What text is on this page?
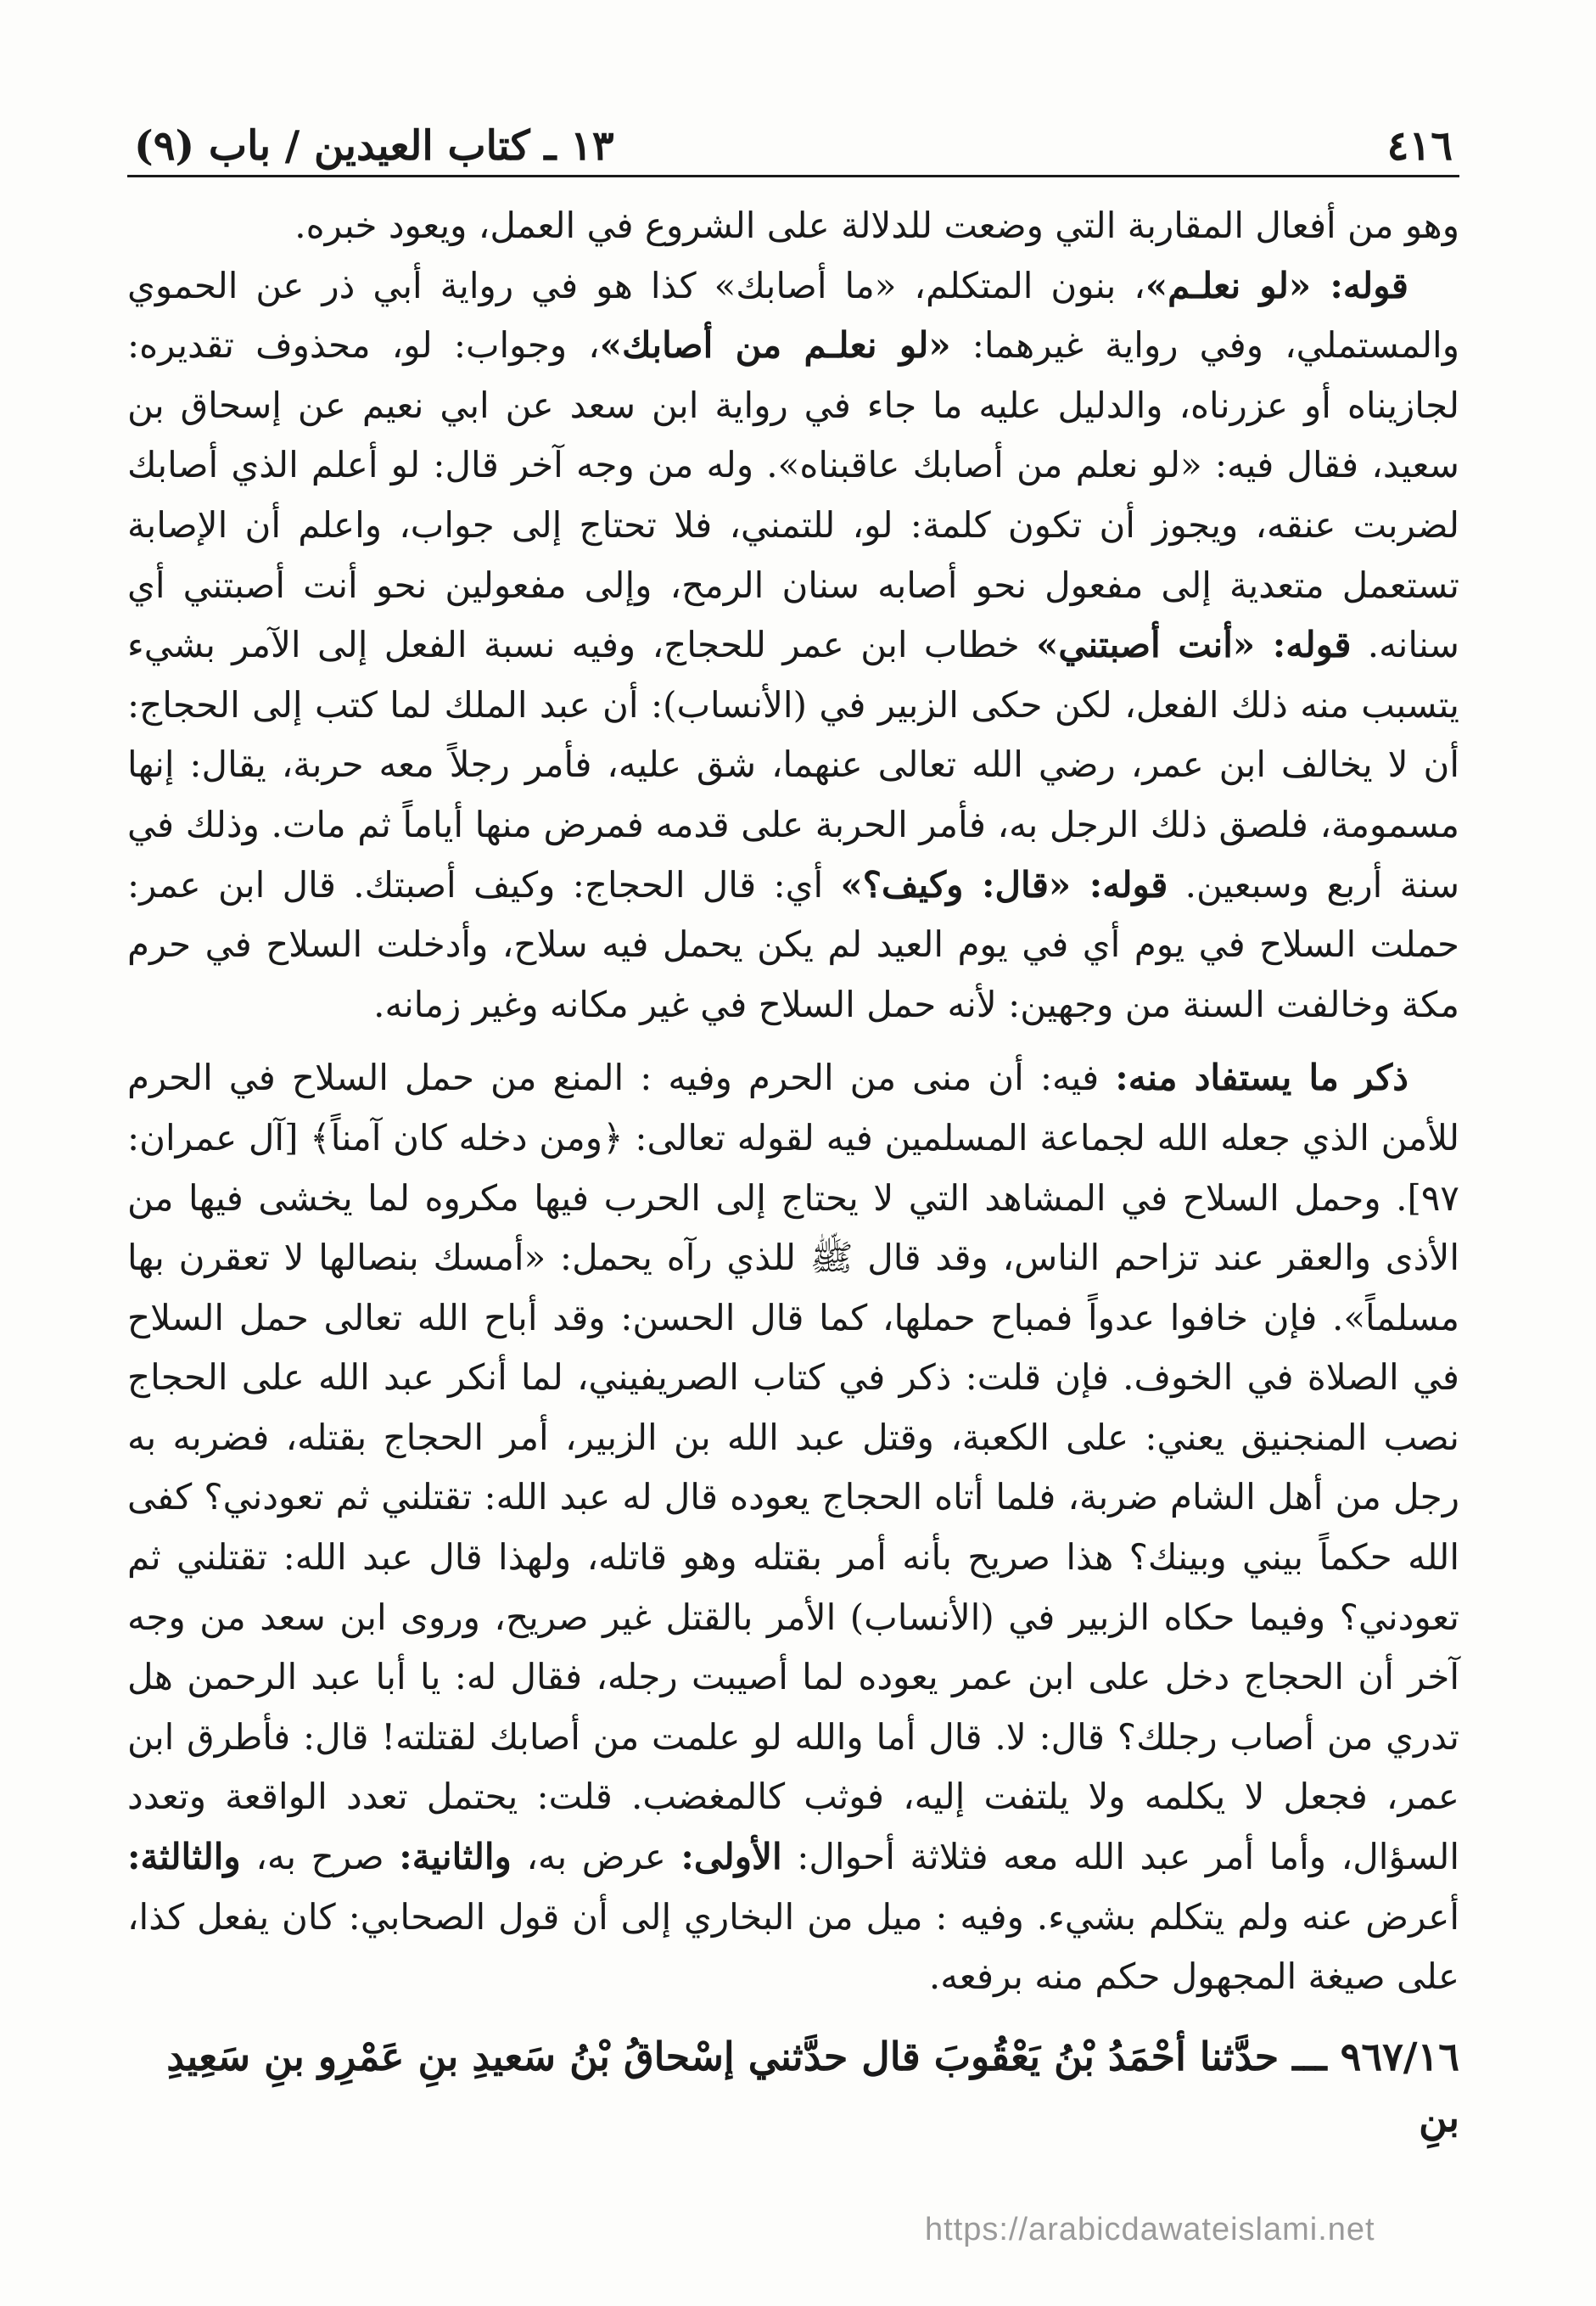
٤١٦
١٣ ـ كتاب العيدين / باب (٩)

وهو من أفعال المقاربة التي وضعت للدلالة على الشروع في العمل، ويعود خبره.

قوله: «لو نعلـم»، بنون المتكلم، «ما أصابك» كذا هو في رواية أبي ذر عن الحموي والمستملي، وفي رواية غيرهما: «لو نعلـم من أصابك»، وجواب: لو، محذوف تقديره: لجازيناه أو عزرناه، والدليل عليه ما جاء في رواية ابن سعد عن ابي نعيم عن إسحاق بن سعيد، فقال فيه: «لو نعلم من أصابك عاقبناه». وله من وجه آخر قال: لو أعلم الذي أصابك لضربت عنقه، ويجوز أن تكون كلمة: لو، للتمني، فلا تحتاج إلى جواب، واعلم أن الإصابة تستعمل متعدية إلى مفعول نحو أصابه سنان الرمح، وإلى مفعولين نحو أنت أصبتني أي سنانه. قوله: «أنت أصبتني» خطاب ابن عمر للحجاج، وفيه نسبة الفعل إلى الآمر بشيء يتسبب منه ذلك الفعل، لكن حكى الزبير في (الأنساب): أن عبد الملك لما كتب إلى الحجاج: أن لا يخالف ابن عمر، رضي الله تعالى عنهما، شق عليه، فأمر رجلاً معه حربة، يقال: إنها مسمومة، فلصق ذلك الرجل به، فأمر الحربة على قدمه فمرض منها أياماً ثم مات. وذلك في سنة أربع وسبعين. قوله: «قال: وكيف؟» أي: قال الحجاج: وكيف أصبتك. قال ابن عمر: حملت السلاح في يوم أي في يوم العيد لم يكن يحمل فيه سلاح، وأدخلت السلاح في حرم مكة وخالفت السنة من وجهين: لأنه حمل السلاح في غير مكانه وغير زمانه.

ذكر ما يستفاد منه: فيه: أن منى من الحرم وفيه : المنع من حمل السلاح في الحرم للأمن الذي جعله الله لجماعة المسلمين فيه لقوله تعالى: ﴿ومن دخله كان آمناً﴾ [آل عمران: ٩٧]. وحمل السلاح في المشاهد التي لا يحتاج إلى الحرب فيها مكروه لما يخشى فيها من الأذى والعقر عند تزاحم الناس، وقد قال ﷺ للذي رآه يحمل: «أمسك بنصالها لا تعقرن بها مسلماً». فإن خافوا عدواً فمباح حملها، كما قال الحسن: وقد أباح الله تعالى حمل السلاح في الصلاة في الخوف. فإن قلت: ذكر في كتاب الصريفيني، لما أنكر عبد الله على الحجاج نصب المنجنيق يعني: على الكعبة، وقتل عبد الله بن الزبير، أمر الحجاج بقتله، فضربه به رجل من أهل الشام ضربة، فلما أتاه الحجاج يعوده قال له عبد الله: تقتلني ثم تعودني؟ كفى الله حكماً بيني وبينك؟ هذا صريح بأنه أمر بقتله وهو قاتله، ولهذا قال عبد الله: تقتلني ثم تعودني؟ وفيما حكاه الزبير في (الأنساب) الأمر بالقتل غير صريح، وروى ابن سعد من وجه آخر أن الحجاج دخل على ابن عمر يعوده لما أصيبت رجله، فقال له: يا أبا عبد الرحمن هل تدري من أصاب رجلك؟ قال: لا. قال أما والله لو علمت من أصابك لقتلته! قال: فأطرق ابن عمر، فجعل لا يكلمه ولا يلتفت إليه، فوثب كالمغضب. قلت: يحتمل تعدد الواقعة وتعدد السؤال، وأما أمر عبد الله معه فثلاثة أحوال: الأولى: عرض به، والثانية: صرح به، والثالثة: أعرض عنه ولم يتكلم بشيء. وفيه : ميل من البخاري إلى أن قول الصحابي: كان يفعل كذا، على صيغة المجهول حكم منه برفعه.

٩٦٧/١٦ ـــ حدَّثنا أحْمَدُ بْنُ يَعْقُوبَ قال حدَّثني إسْحاقُ بْنُ سَعيدِ بنِ عَمْرِو بنِ سَعِيدِ بنِ
https://arabicdawateislami.net
